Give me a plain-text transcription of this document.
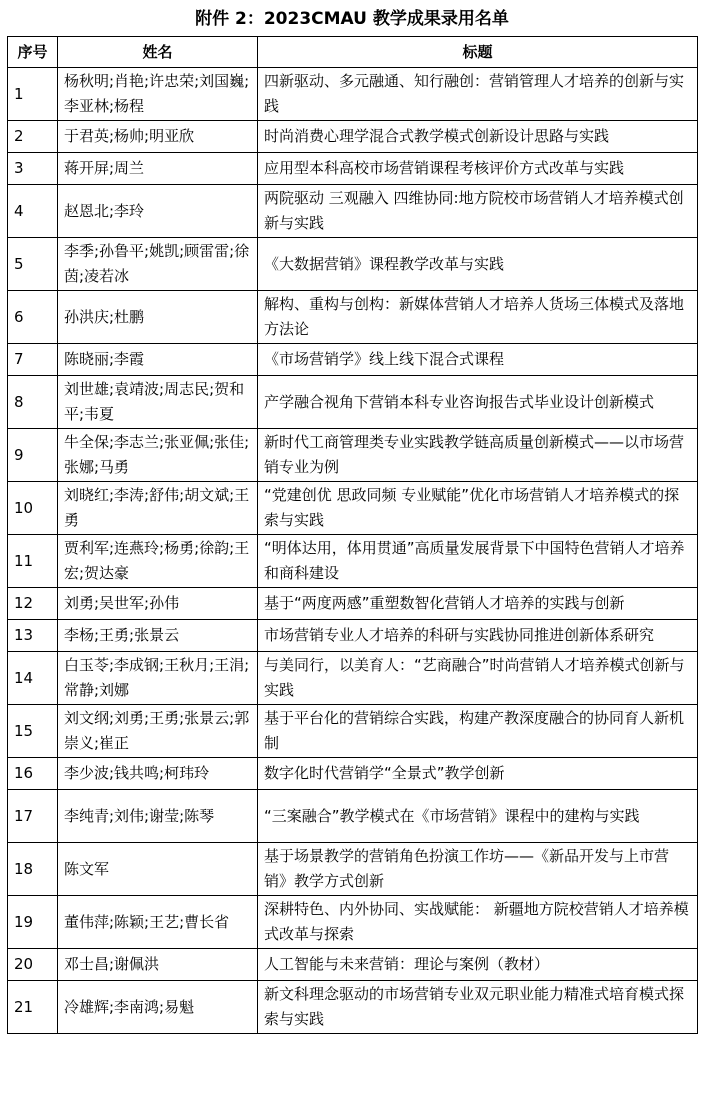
附件 2：2023CMAU 教学成果录用名单
序号	姓名	标题
1	杨秋明;肖艳;许忠荣;刘国巍;李亚林;杨程	四新驱动、多元融通、知行融创：营销管理人才培养的创新与实践
2	于君英;杨帅;明亚欣	时尚消费心理学混合式教学模式创新设计思路与实践
3	蒋开屏;周兰	应用型本科高校市场营销课程考核评价方式改革与实践
4	赵恩北;李玲	两院驱动 三观融入 四维协同:地方院校市场营销人才培养模式创新与实践
5	李季;孙鲁平;姚凯;顾雷雷;徐茵;凌若冰	《大数据营销》课程教学改革与实践
6	孙洪庆;杜鹏	解构、重构与创构：新媒体营销人才培养人货场三体模式及落地方法论
7	陈晓丽;李霞	《市场营销学》线上线下混合式课程
8	刘世雄;袁靖波;周志民;贺和平;韦夏	产学融合视角下营销本科专业咨询报告式毕业设计创新模式
9	牛全保;李志兰;张亚佩;张佳;张娜;马勇	新时代工商管理类专业实践教学链高质量创新模式——以市场营销专业为例
10	刘晓红;李涛;舒伟;胡文斌;王勇	“党建创优 思政同频 专业赋能”优化市场营销人才培养模式的探索与实践
11	贾利军;连燕玲;杨勇;徐韵;王宏;贺达豪	“明体达用，体用贯通”高质量发展背景下中国特色营销人才培养和商科建设
12	刘勇;吴世军;孙伟	基于“两度两感”重塑数智化营销人才培养的实践与创新
13	李杨;王勇;张景云	市场营销专业人才培养的科研与实践协同推进创新体系研究
14	白玉苓;李成钢;王秋月;王涓;常静;刘娜	与美同行，以美育人：“艺商融合”时尚营销人才培养模式创新与实践
15	刘文纲;刘勇;王勇;张景云;郭崇义;崔正	基于平台化的营销综合实践，构建产教深度融合的协同育人新机制
16	李少波;钱共鸣;柯玮玲	数字化时代营销学“全景式”教学创新
17	李纯青;刘伟;谢莹;陈琴	“三案融合”教学模式在《市场营销》课程中的建构与实践
18	陈文军	基于场景教学的营销角色扮演工作坊——《新品开发与上市营销》教学方式创新
19	董伟萍;陈颖;王艺;曹长省	深耕特色、内外协同、实战赋能： 新疆地方院校营销人才培养模式改革与探索
20	邓士昌;谢佩洪	人工智能与未来营销：理论与案例（教材）
21	冷雄辉;李南鸿;易魁	新文科理念驱动的市场营销专业双元职业能力精准式培育模式探索与实践
